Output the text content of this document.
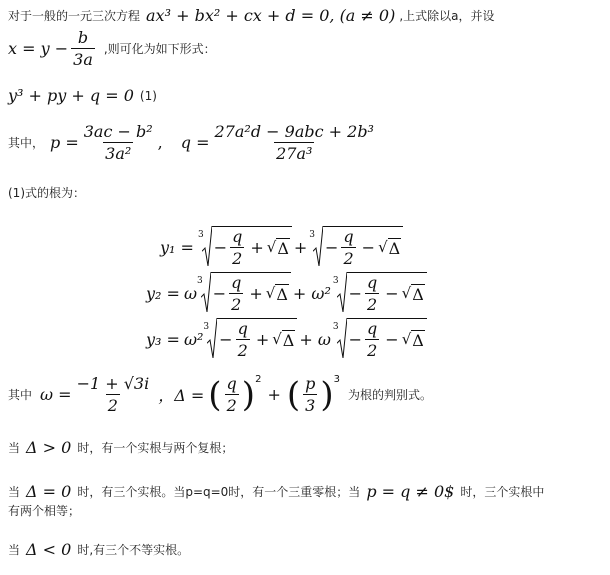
对于一般的一元三次方程 ax³ + bx² + cx + d = 0, (a ≠ 0) ,上式除以a，并设
$x = y - \frac{b}{3a}$ ,则可化为如下形式：
y³ + py + q = 0 (1)
其中， $p = \frac{\text{3ac − b²}}{\text{3a²}}$ , $q = \frac{\text{27a²d − 9abc + 2b³}}{\text{27a³}}$
(1)式的根为：
y₁ =
3
− $\frac{q}{2}$ + √ Δ +
3
− $\frac{q}{2}$ − √ Δ
y₂ = ω
3
− $\frac{q}{2}$ + √ Δ + ω²
3
− $\frac{q}{2}$ − √ Δ
y₃ = ω²
3
− $\frac{q}{2}$ + √ Δ + ω
3
− $\frac{q}{2}$ − √ Δ
其中 $\omega = \frac{-1 + √3i}{2}$ ，Δ = ( $\frac{q}{2} )^2$
+ ( $\frac{p}{3} )^3$
为根的判别式。
当 Δ > 0 时，有一个实根与两个复根；
当 Δ = 0 时，有三个实根。当p=q=0时，有一个三重零根；当 p = q ≠ 0$ 时，三个实根中
有两个相等；
当 Δ < 0 时,有三个不等实根。
